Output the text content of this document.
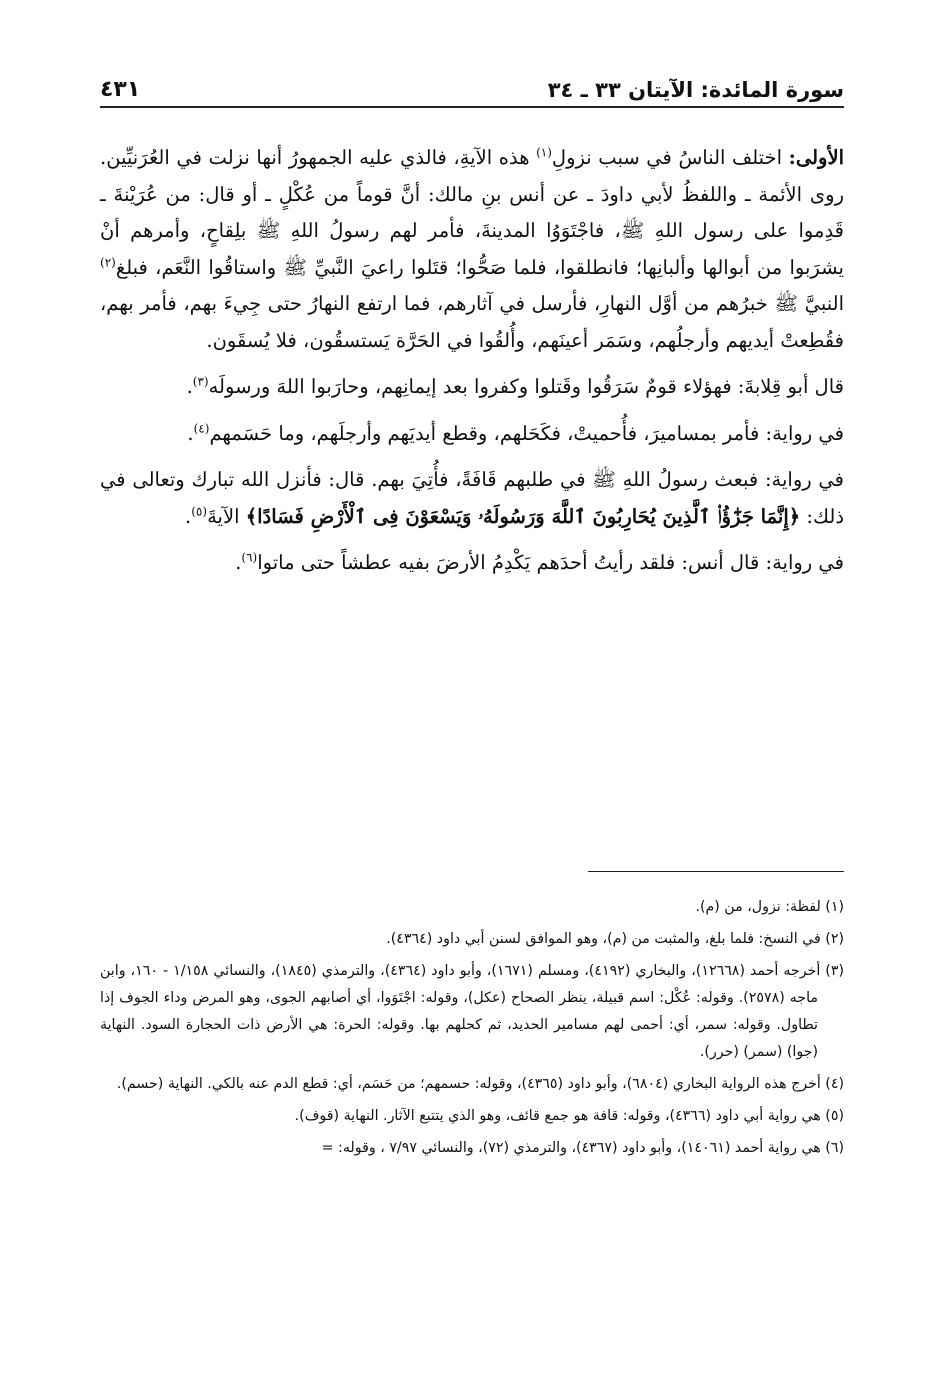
سورة المائدة: الآيتان ٣٣ ـ ٣٤
٤٣١

الأولى: اختلف الناسُ في سبب نزولِ$^{(١)}$ هذه الآيةِ، فالذي عليه الجمهورُ أنها نزلت في العُرَنيِّين. روى الأئمة ـ واللفظُ لأبي داودَ ـ عن أنس بنِ مالك: أنَّ قوماً من عُكْلٍ ـ أو قال: من عُرَيْنةَ ـ قَدِموا على رسول اللهِ ﷺ، فاجْتَوَوُا المدينةَ، فأمر لهم رسولُ اللهِ ﷺ بلِقاحٍ، وأمرهم أنْ يشرَبوا من أبوالها وألبانِها؛ فانطلقوا، فلما صَحُّوا؛ قتَلوا راعيَ النَّبيِّ ﷺ واستاقُوا النَّعَم، فبلغ$^{(٢)}$ النبيَّ ﷺ خبرُهم من أوَّل النهارِ، فأرسل في آثارهم، فما ارتفع النهارُ حتى جِيءَ بهم، فأمر بهم، فقُطِعتْ أيديهم وأرجلُهم، وسَمَر أعينَهم، وأُلقُوا في الحَرَّة يَستسقُون، فلا يُسقَون.

قال أبو قِلابةَ: فهؤلاء قومٌ سَرَقُوا وقَتلوا وكفروا بعد إيمانِهم، وحارَبوا اللهَ ورسولَه$^{(٣)}$.

في رواية: فأمر بمساميرَ، فأُحميتْ، فكَحَلهم، وقطع أيديَهم وأرجلَهم، وما حَسَمهم$^{(٤)}$.

في رواية: فبعث رسولُ اللهِ ﷺ في طلبهم قَافَةً، فأُتِيَ بهم. قال: فأنزل الله تبارك وتعالى في ذلك: ﴿إِنَّمَا جَزَٰٓؤُا۟ ٱلَّذِينَ يُحَارِبُونَ ٱللَّهَ وَرَسُولَهُۥ وَيَسْعَوْنَ فِى ٱلْأَرْضِ فَسَادًا﴾ الآيةَ$^{(٥)}$.

في رواية: قال أنس: فلقد رأيتُ أحدَهم يَكْدِمُ الأرضَ بفيه عطشاً حتى ماتوا$^{(٦)}$.

(١) لفظة: نزول، من (م).

(٢) في النسخ: فلما بلغ، والمثبت من (م)، وهو الموافق لسنن أبي داود (٤٣٦٤).

(٣) أخرجه أحمد (١٢٦٦٨)، والبخاري (٤١٩٢)، ومسلم (١٦٧١)، وأبو داود (٤٣٦٤)، والترمذي (١٨٤٥)، والنسائي ١/١٥٨ - ١٦٠، وابن ماجه (٢٥٧٨). وقوله: عُكْل: اسم قبيلة، ينظر الصحاح (عكل)، وقوله: اجْتَوَوا، أي أصابهم الجوى، وهو المرض وداء الجوف إذا تطاول. وقوله: سمر، أي: أحمى لهم مسامير الحديد، ثم كحلهم بها. وقوله: الحرة: هي الأرض ذات الحجارة السود. النهاية (جوا) (سمر) (حرر).

(٤) أخرج هذه الرواية البخاري (٦٨٠٤)، وأبو داود (٤٣٦٥)، وقوله: حسمهم؛ من حَسَم، أي: قطع الدم عنه بالكي. النهاية (حسم).

(٥) هي رواية أبي داود (٤٣٦٦)، وقوله: قافة هو جمع قائف، وهو الذي يتتبع الآثار. النهاية (قوف).

(٦) هي رواية أحمد (١٤٠٦١)، وأبو داود (٤٣٦٧)، والترمذي (٧٢)، والنسائي ٧/٩٧ ، وقوله: =
